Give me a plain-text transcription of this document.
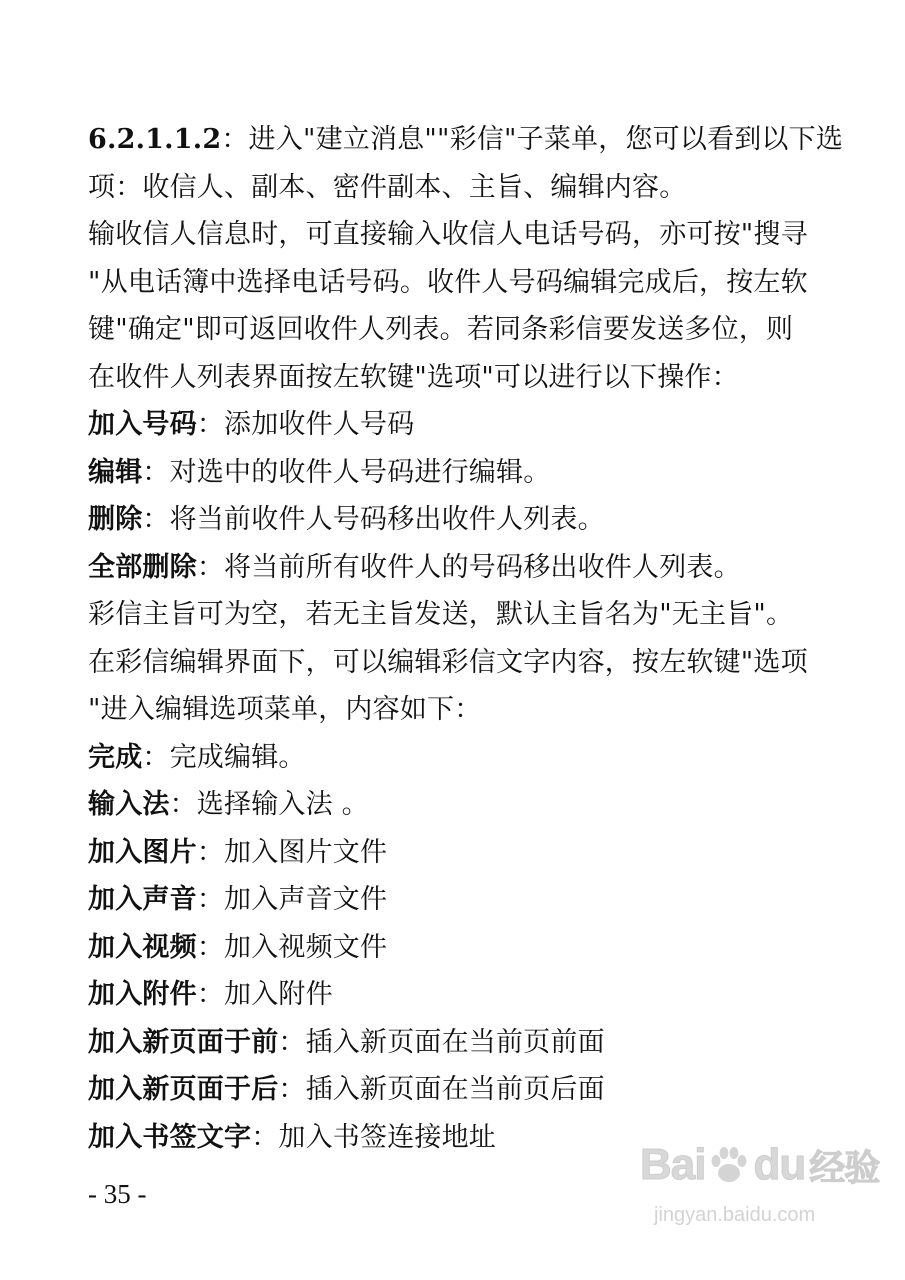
6.2.1.1.2：进入"建立消息""彩信"子菜单，您可以看到以下选
项：收信人、副本、密件副本、主旨、编辑内容。
输收信人信息时，可直接输入收信人电话号码，亦可按"搜寻
"从电话簿中选择电话号码。收件人号码编辑完成后，按左软
键"确定"即可返回收件人列表。若同条彩信要发送多位，则
在收件人列表界面按左软键"选项"可以进行以下操作：
加入号码：添加收件人号码
编辑：对选中的收件人号码进行编辑。
删除：将当前收件人号码移出收件人列表。
全部删除：将当前所有收件人的号码移出收件人列表。
彩信主旨可为空，若无主旨发送，默认主旨名为"无主旨"。
在彩信编辑界面下，可以编辑彩信文字内容，按左软键"选项
"进入编辑选项菜单，内容如下：
完成：完成编辑。
输入法：选择输入法 。
加入图片：加入图片文件
加入声音：加入声音文件
加入视频：加入视频文件
加入附件：加入附件
加入新页面于前：插入新页面在当前页前面
加入新页面于后：插入新页面在当前页后面
加入书签文字：加入书签连接地址
- 35 -
Bai du 经验
jingyan.baidu.com
